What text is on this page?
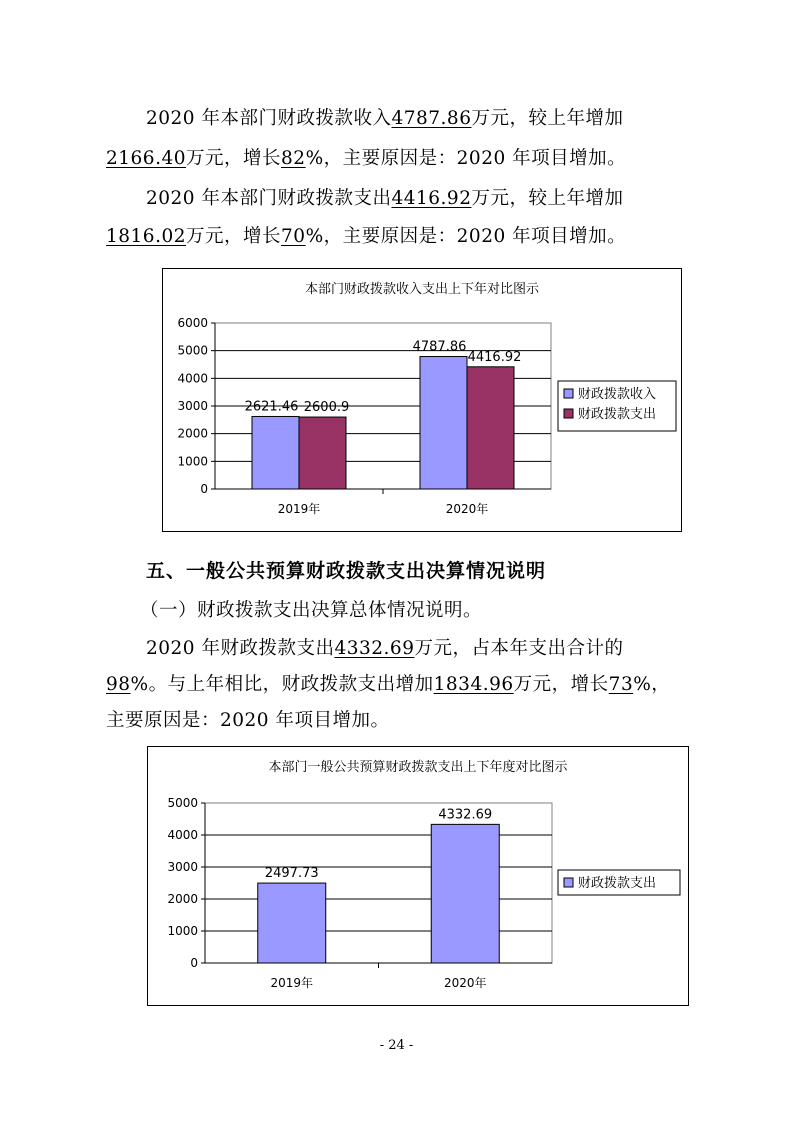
2020 年本部门财政拨款收入4787.86万元，较上年增加
2166.40万元，增长82%，主要原因是：2020 年项目增加。
2020 年本部门财政拨款支出4416.92万元，较上年增加
1816.02万元，增长70%，主要原因是：2020 年项目增加。
本部门财政拨款收入支出上下年对比图示
0
1000
2000
3000
4000
5000
6000
2019年
2621.46 2600.9
2020年
4787.86
4416.92
财政拨款收入
财政拨款支出
五、一般公共预算财政拨款支出决算情况说明
（一）财政拨款支出决算总体情况说明。
2020 年财政拨款支出4332.69万元，占本年支出合计的
98%。与上年相比，财政拨款支出增加1834.96万元，增长73%，
主要原因是：2020 年项目增加。
本部门一般公共预算财政拨款支出上下年度对比图示
0
1000
2000
3000
4000
5000
2019年
2497.73
2020年
4332.69
财政拨款支出
- 24 -
